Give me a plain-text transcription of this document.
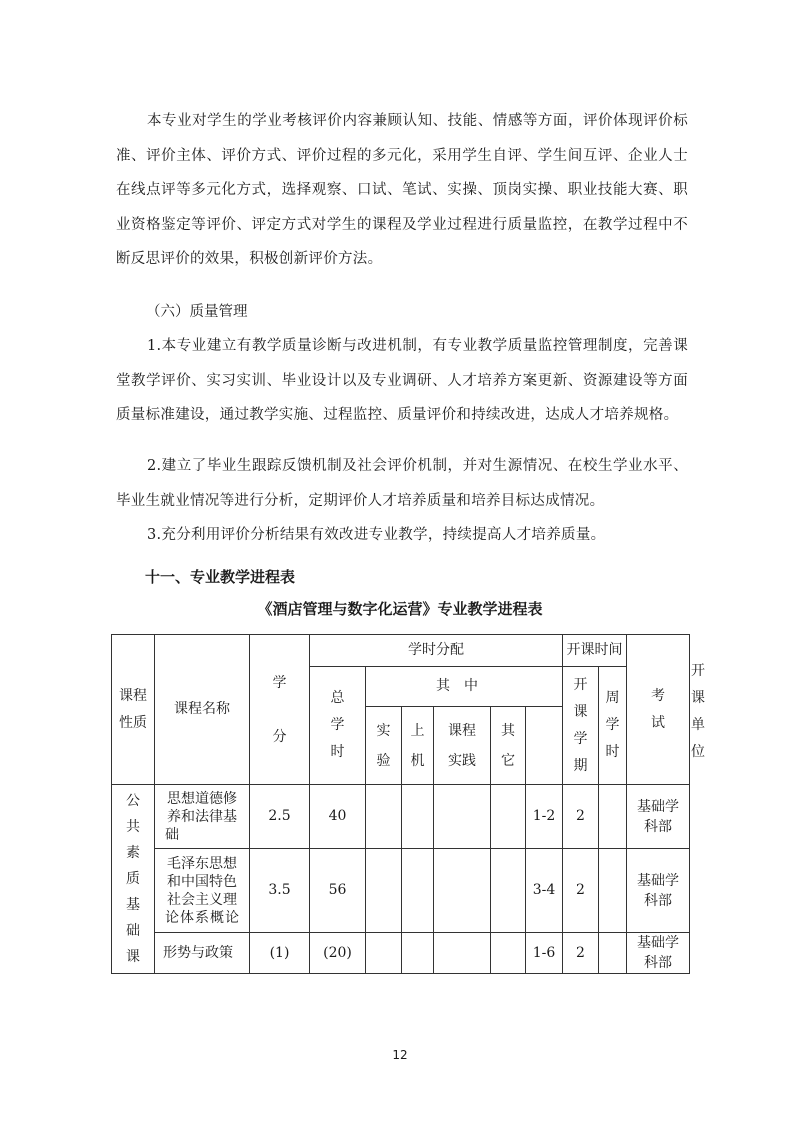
本专业对学生的学业考核评价内容兼顾认知、技能、情感等方面，评价体现评价标准、评价主体、评价方式、评价过程的多元化，采用学生自评、学生间互评、企业人士在线点评等多元化方式，选择观察、口试、笔试、实操、顶岗实操、职业技能大赛、职业资格鉴定等评价、评定方式对学生的课程及学业过程进行质量监控，在教学过程中不断反思评价的效果，积极创新评价方法。

（六）质量管理

1.本专业建立有教学质量诊断与改进机制，有专业教学质量监控管理制度，完善课堂教学评价、实习实训、毕业设计以及专业调研、人才培养方案更新、资源建设等方面质量标准建设，通过教学实施、过程监控、质量评价和持续改进，达成人才培养规格。

2.建立了毕业生跟踪反馈机制及社会评价机制，并对生源情况、在校生学业水平、毕业生就业情况等进行分析，定期评价人才培养质量和培养目标达成情况。

3.充分利用评价分析结果有效改进专业教学，持续提高人才培养质量。

十一、专业教学进程表

《酒店管理与数字化运营》专业教学进程表

课程性质	课程名称	学分	学时分配						开课时间		考试	开课单位

			总学时	其中					开课学期	周学时		

				实验	上机	课程实践	其它					

公共素质基础课	思想道德修养和法律基础	2.5	40					1-2	2		基础学科部	

	毛泽东思想和中国特色社会主义理论体系概论	3.5	56					3-4	2		基础学科部	

	形势与政策	(1)	(20)					1-6	2		基础学科部	
12
